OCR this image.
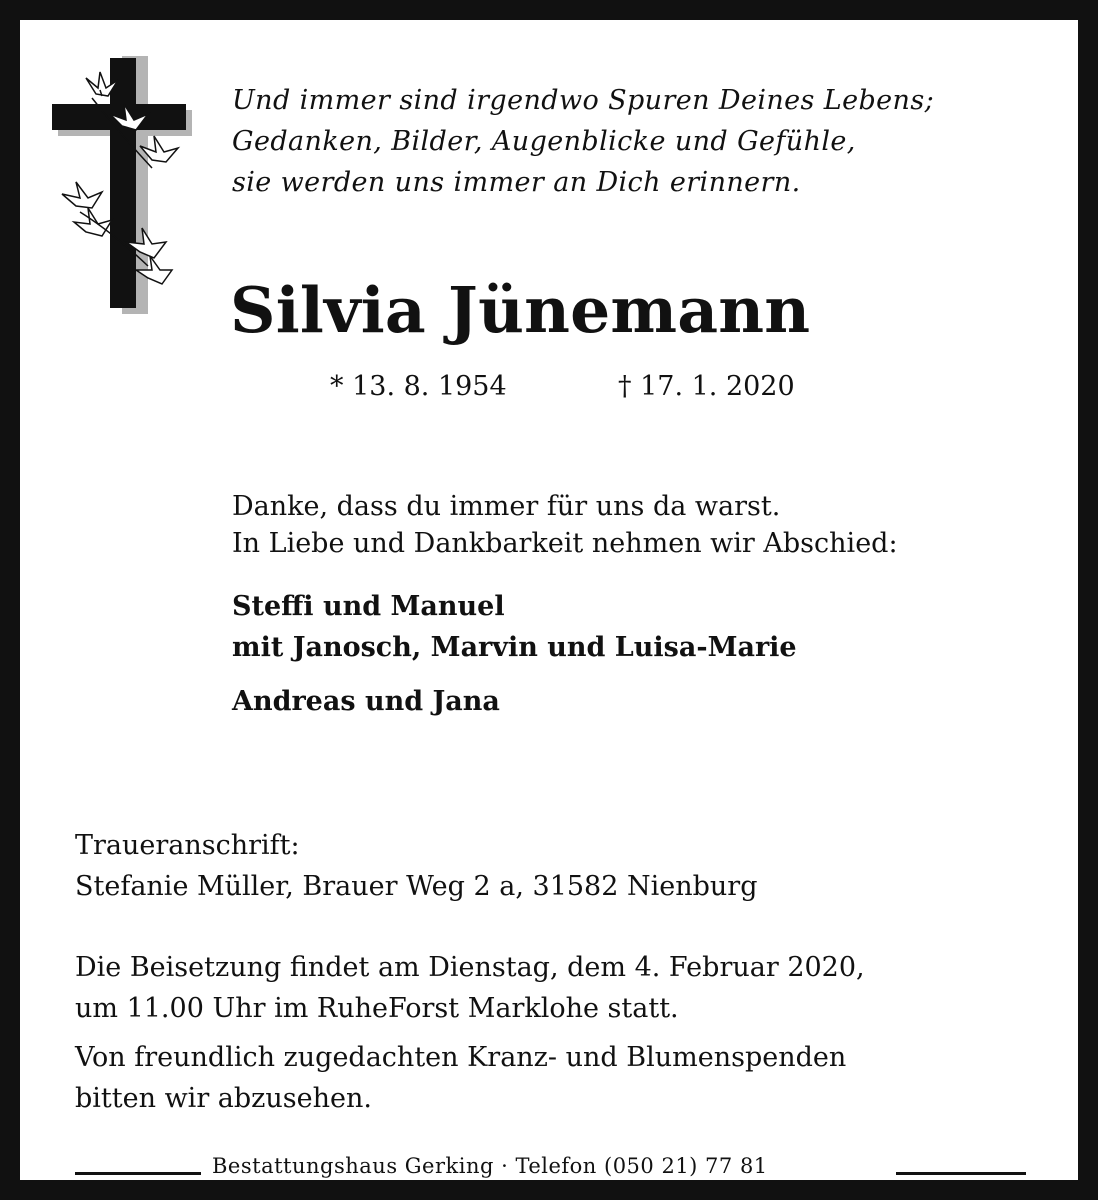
Und immer sind irgendwo Spuren Deines Lebens;
Gedanken, Bilder, Augenblicke und Gefühle,
sie werden uns immer an Dich erinnern.
Silvia Jünemann
* 13. 8. 1954	† 17. 1. 2020
Danke, dass du immer für uns da warst.
In Liebe und Dankbarkeit nehmen wir Abschied:
Steffi und Manuel
mit Janosch, Marvin und Luisa-Marie
Andreas und Jana
Traueranschrift:
Stefanie Müller, Brauer Weg 2 a, 31582 Nienburg
Die Beisetzung findet am Dienstag, dem 4. Februar 2020,
um 11.00 Uhr im RuheForst Marklohe statt.
Von freundlich zugedachten Kranz- und Blumenspenden
bitten wir abzusehen.
Bestattungshaus Gerking · Telefon (050 21) 77 81
